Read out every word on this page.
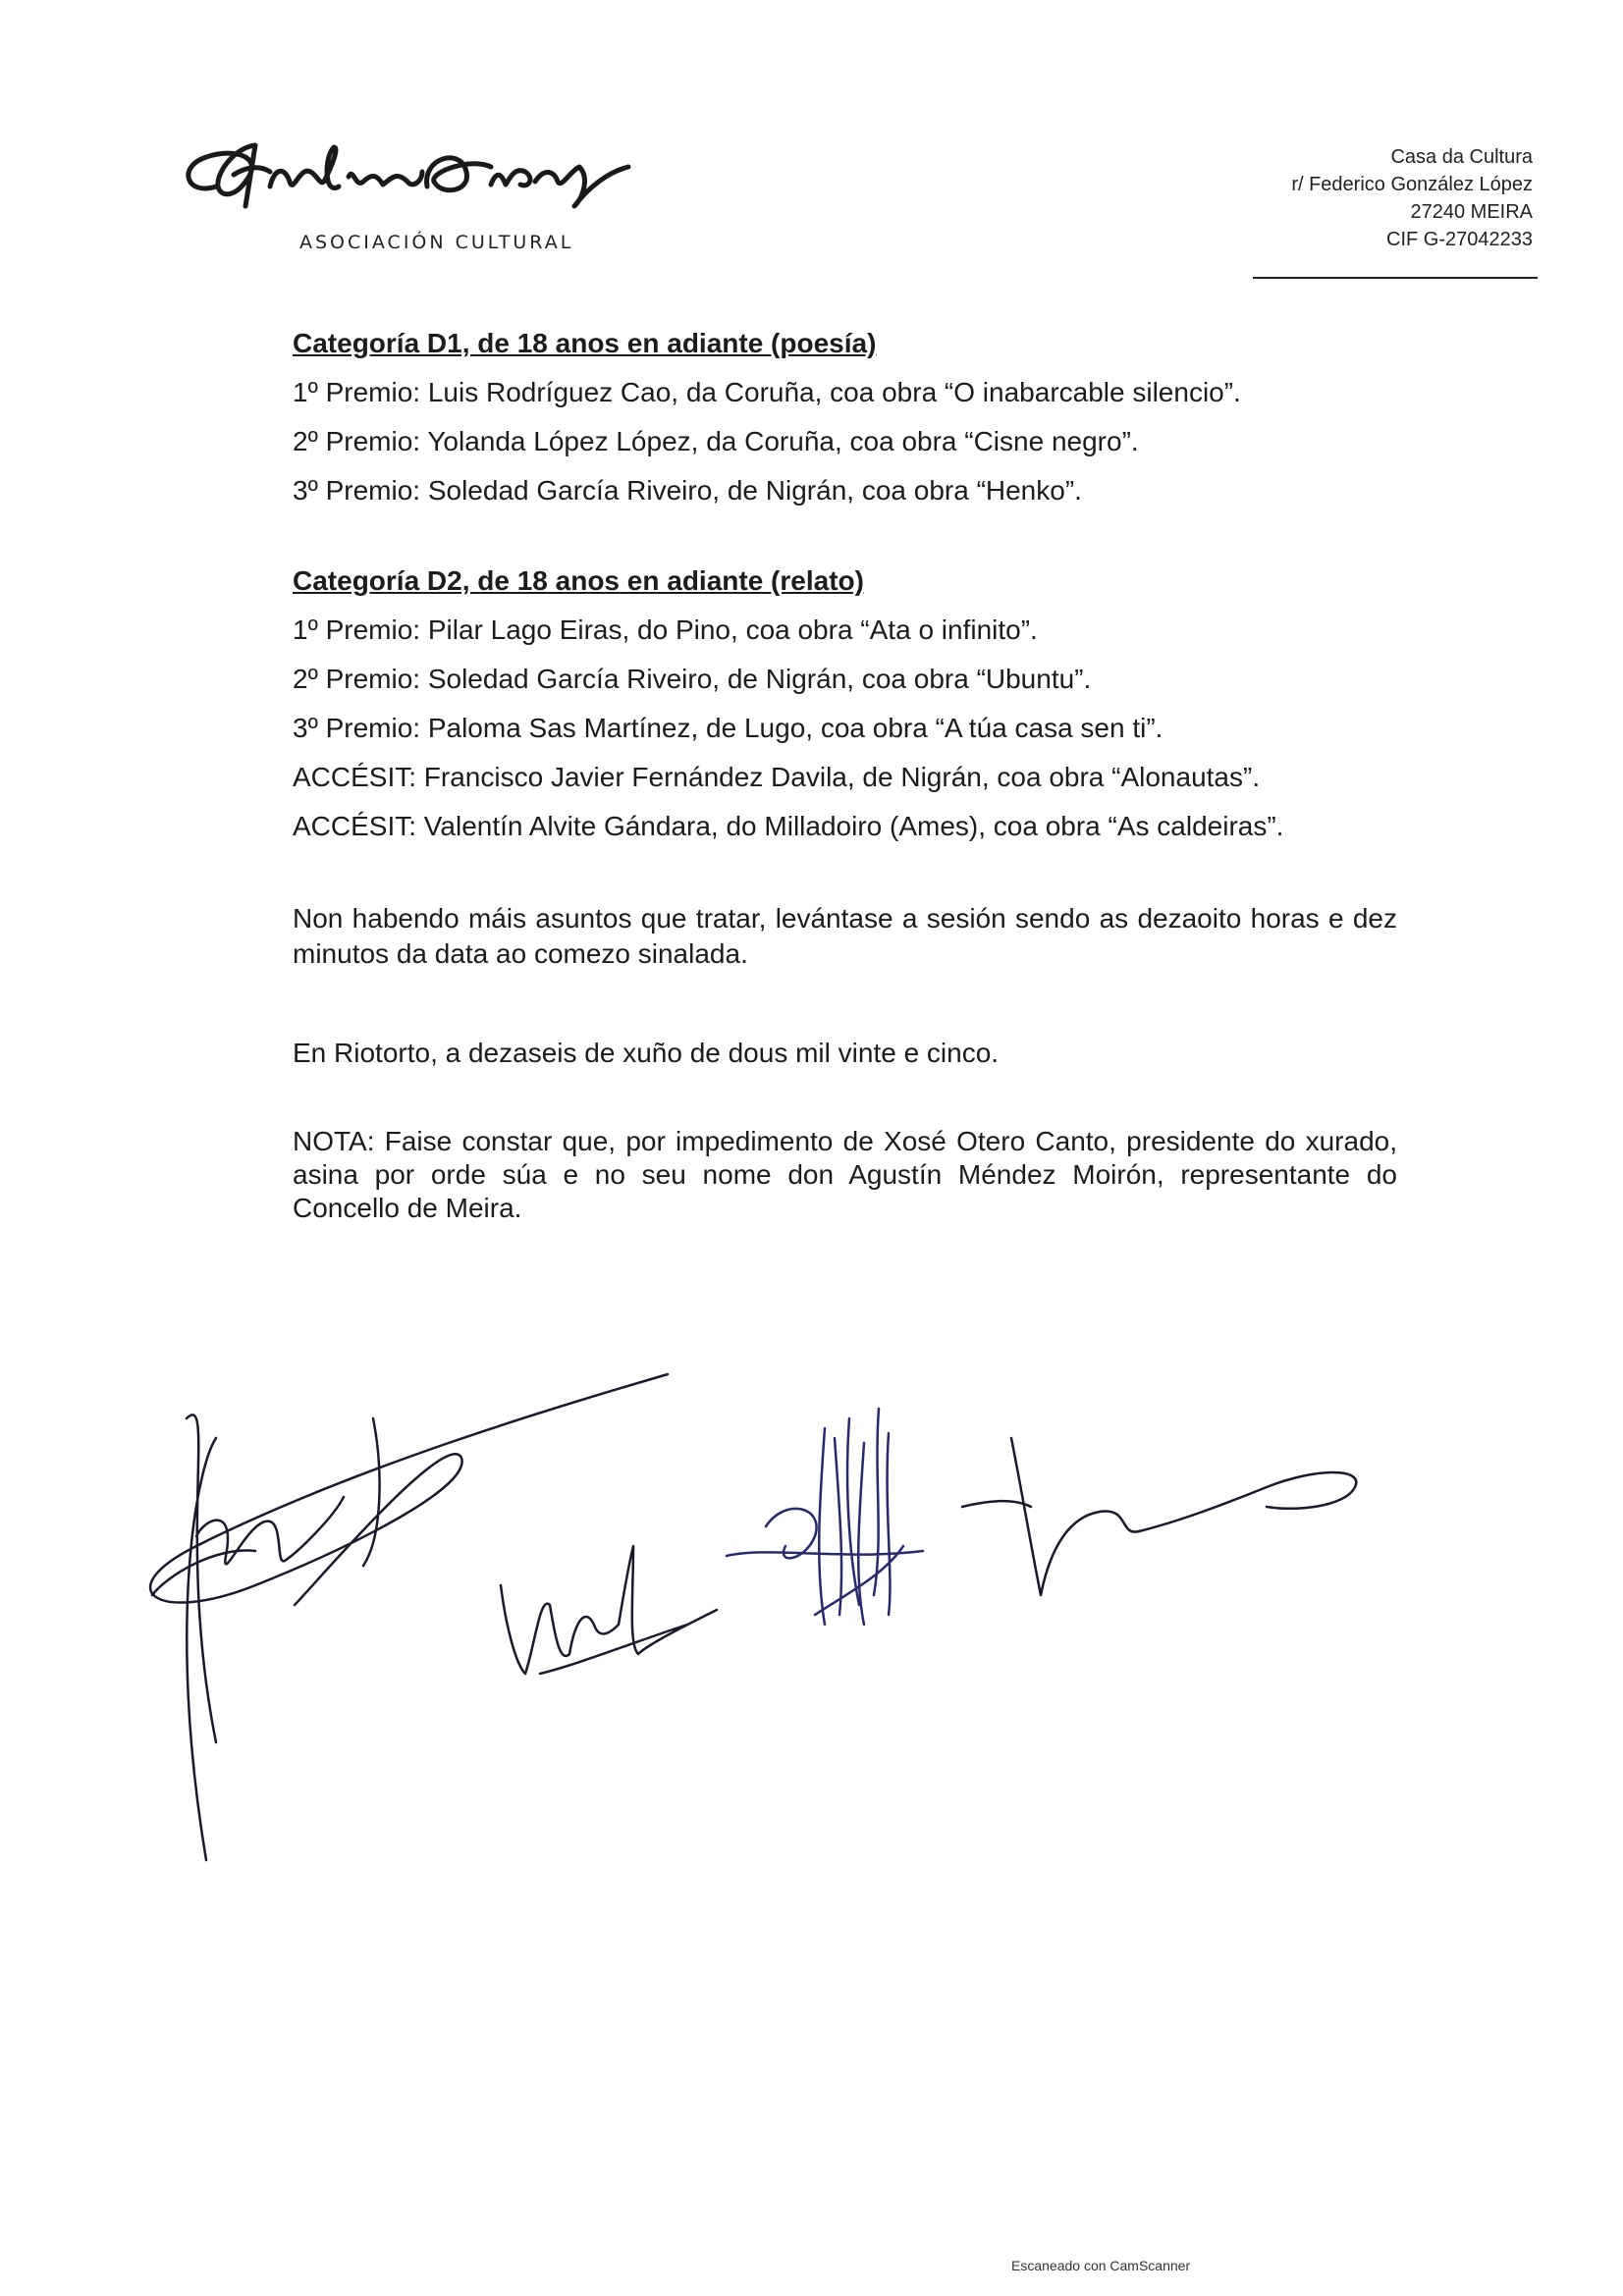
ASOCIACIÓN CULTURAL
Casa da Cultura
r/ Federico González López
27240 MEIRA
CIF G-27042233

Categoría D1, de 18 anos en adiante (poesía)

1º Premio: Luis Rodríguez Cao, da Coruña, coa obra “O inabarcable silencio”.

2º Premio: Yolanda López López, da Coruña, coa obra “Cisne negro”.

3º Premio: Soledad García Riveiro, de Nigrán, coa obra “Henko”.

Categoría D2, de 18 anos en adiante (relato)

1º Premio: Pilar Lago Eiras, do Pino, coa obra “Ata o infinito”.

2º Premio: Soledad García Riveiro, de Nigrán, coa obra “Ubuntu”.

3º Premio: Paloma Sas Martínez, de Lugo, coa obra “A túa casa sen ti”.

ACCÉSIT: Francisco Javier Fernández Davila, de Nigrán, coa obra “Alonautas”.

ACCÉSIT: Valentín Alvite Gándara, do Milladoiro (Ames), coa obra “As caldeiras”.

Non habendo máis asuntos que tratar, levántase a sesión sendo as dezaoito horas e dez minutos da data ao comezo sinalada.

En Riotorto, a dezaseis de xuño de dous mil vinte e cinco.

NOTA: Faise constar que, por impedimento de Xosé Otero Canto, presidente do xurado, asina por orde súa e no seu nome don Agustín Méndez Moirón, representante do Concello de Meira.

Escaneado con CamScanner
